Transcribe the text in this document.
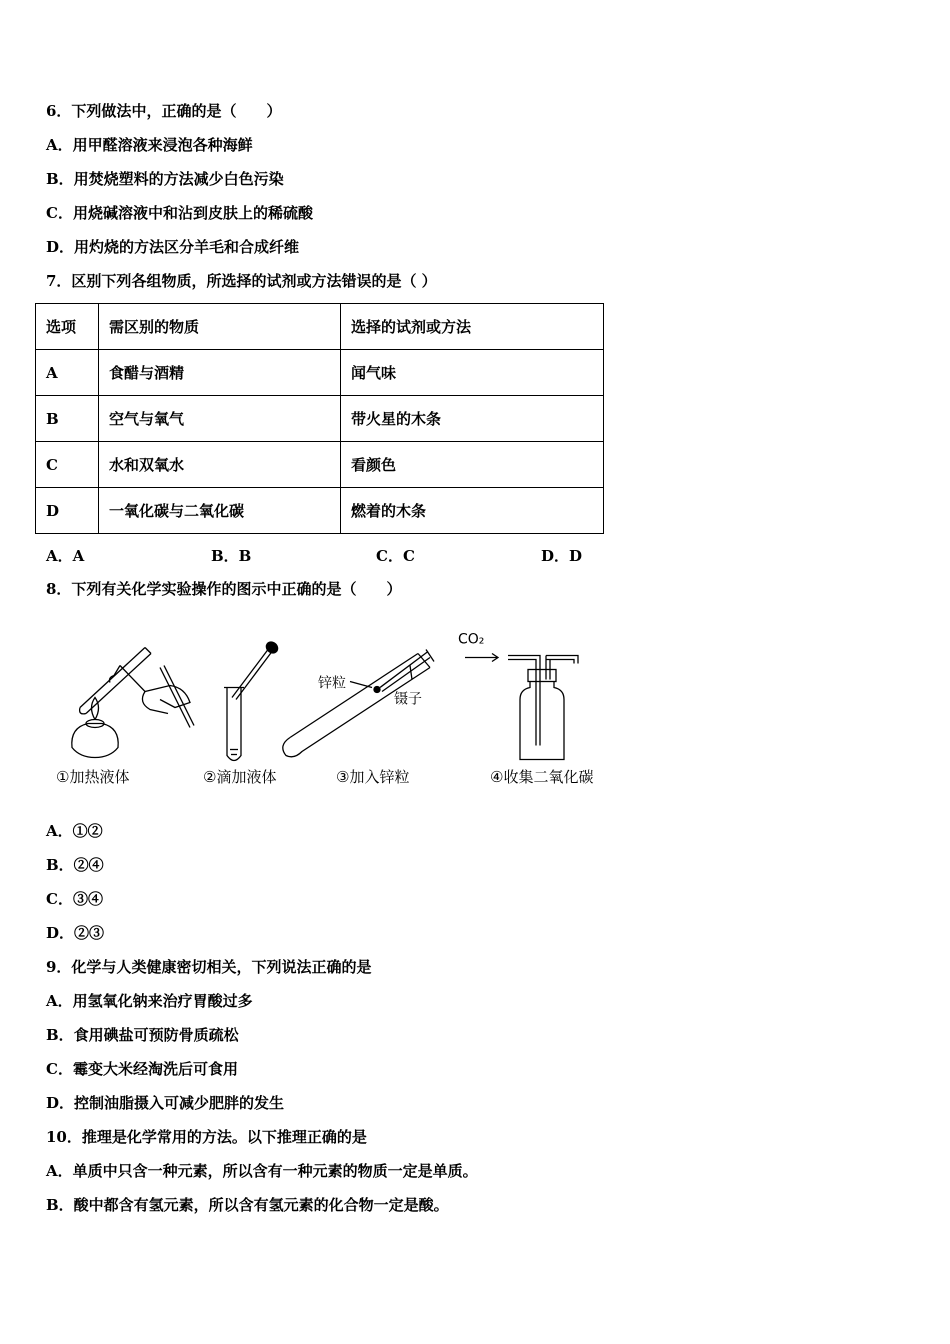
6．下列做法中，正确的是（　　）
A．用甲醛溶液来浸泡各种海鲜
B．用焚烧塑料的方法减少白色污染
C．用烧碱溶液中和沾到皮肤上的稀硫酸
D．用灼烧的方法区分羊毛和合成纤维
7．区别下列各组物质，所选择的试剂或方法错误的是（ ）
选项	需区别的物质	选择的试剂或方法
A	食醋与酒精	闻气味
B	空气与氧气	带火星的木条
C	水和双氧水	看颜色
D	一氧化碳与二氧化碳	燃着的木条
A．A	B．B	C．C	D．D
8．下列有关化学实验操作的图示中正确的是（　　）
CO₂
锌粒
镊子
①加热液体	②滴加液体	③加入锌粒	④收集二氧化碳
A．①②
B．②④
C．③④
D．②③
9．化学与人类健康密切相关，下列说法正确的是
A．用氢氧化钠来治疗胃酸过多
B．食用碘盐可预防骨质疏松
C．霉变大米经淘洗后可食用
D．控制油脂摄入可减少肥胖的发生
10．推理是化学常用的方法。以下推理正确的是
A．单质中只含一种元素，所以含有一种元素的物质一定是单质。
B．酸中都含有氢元素，所以含有氢元素的化合物一定是酸。
